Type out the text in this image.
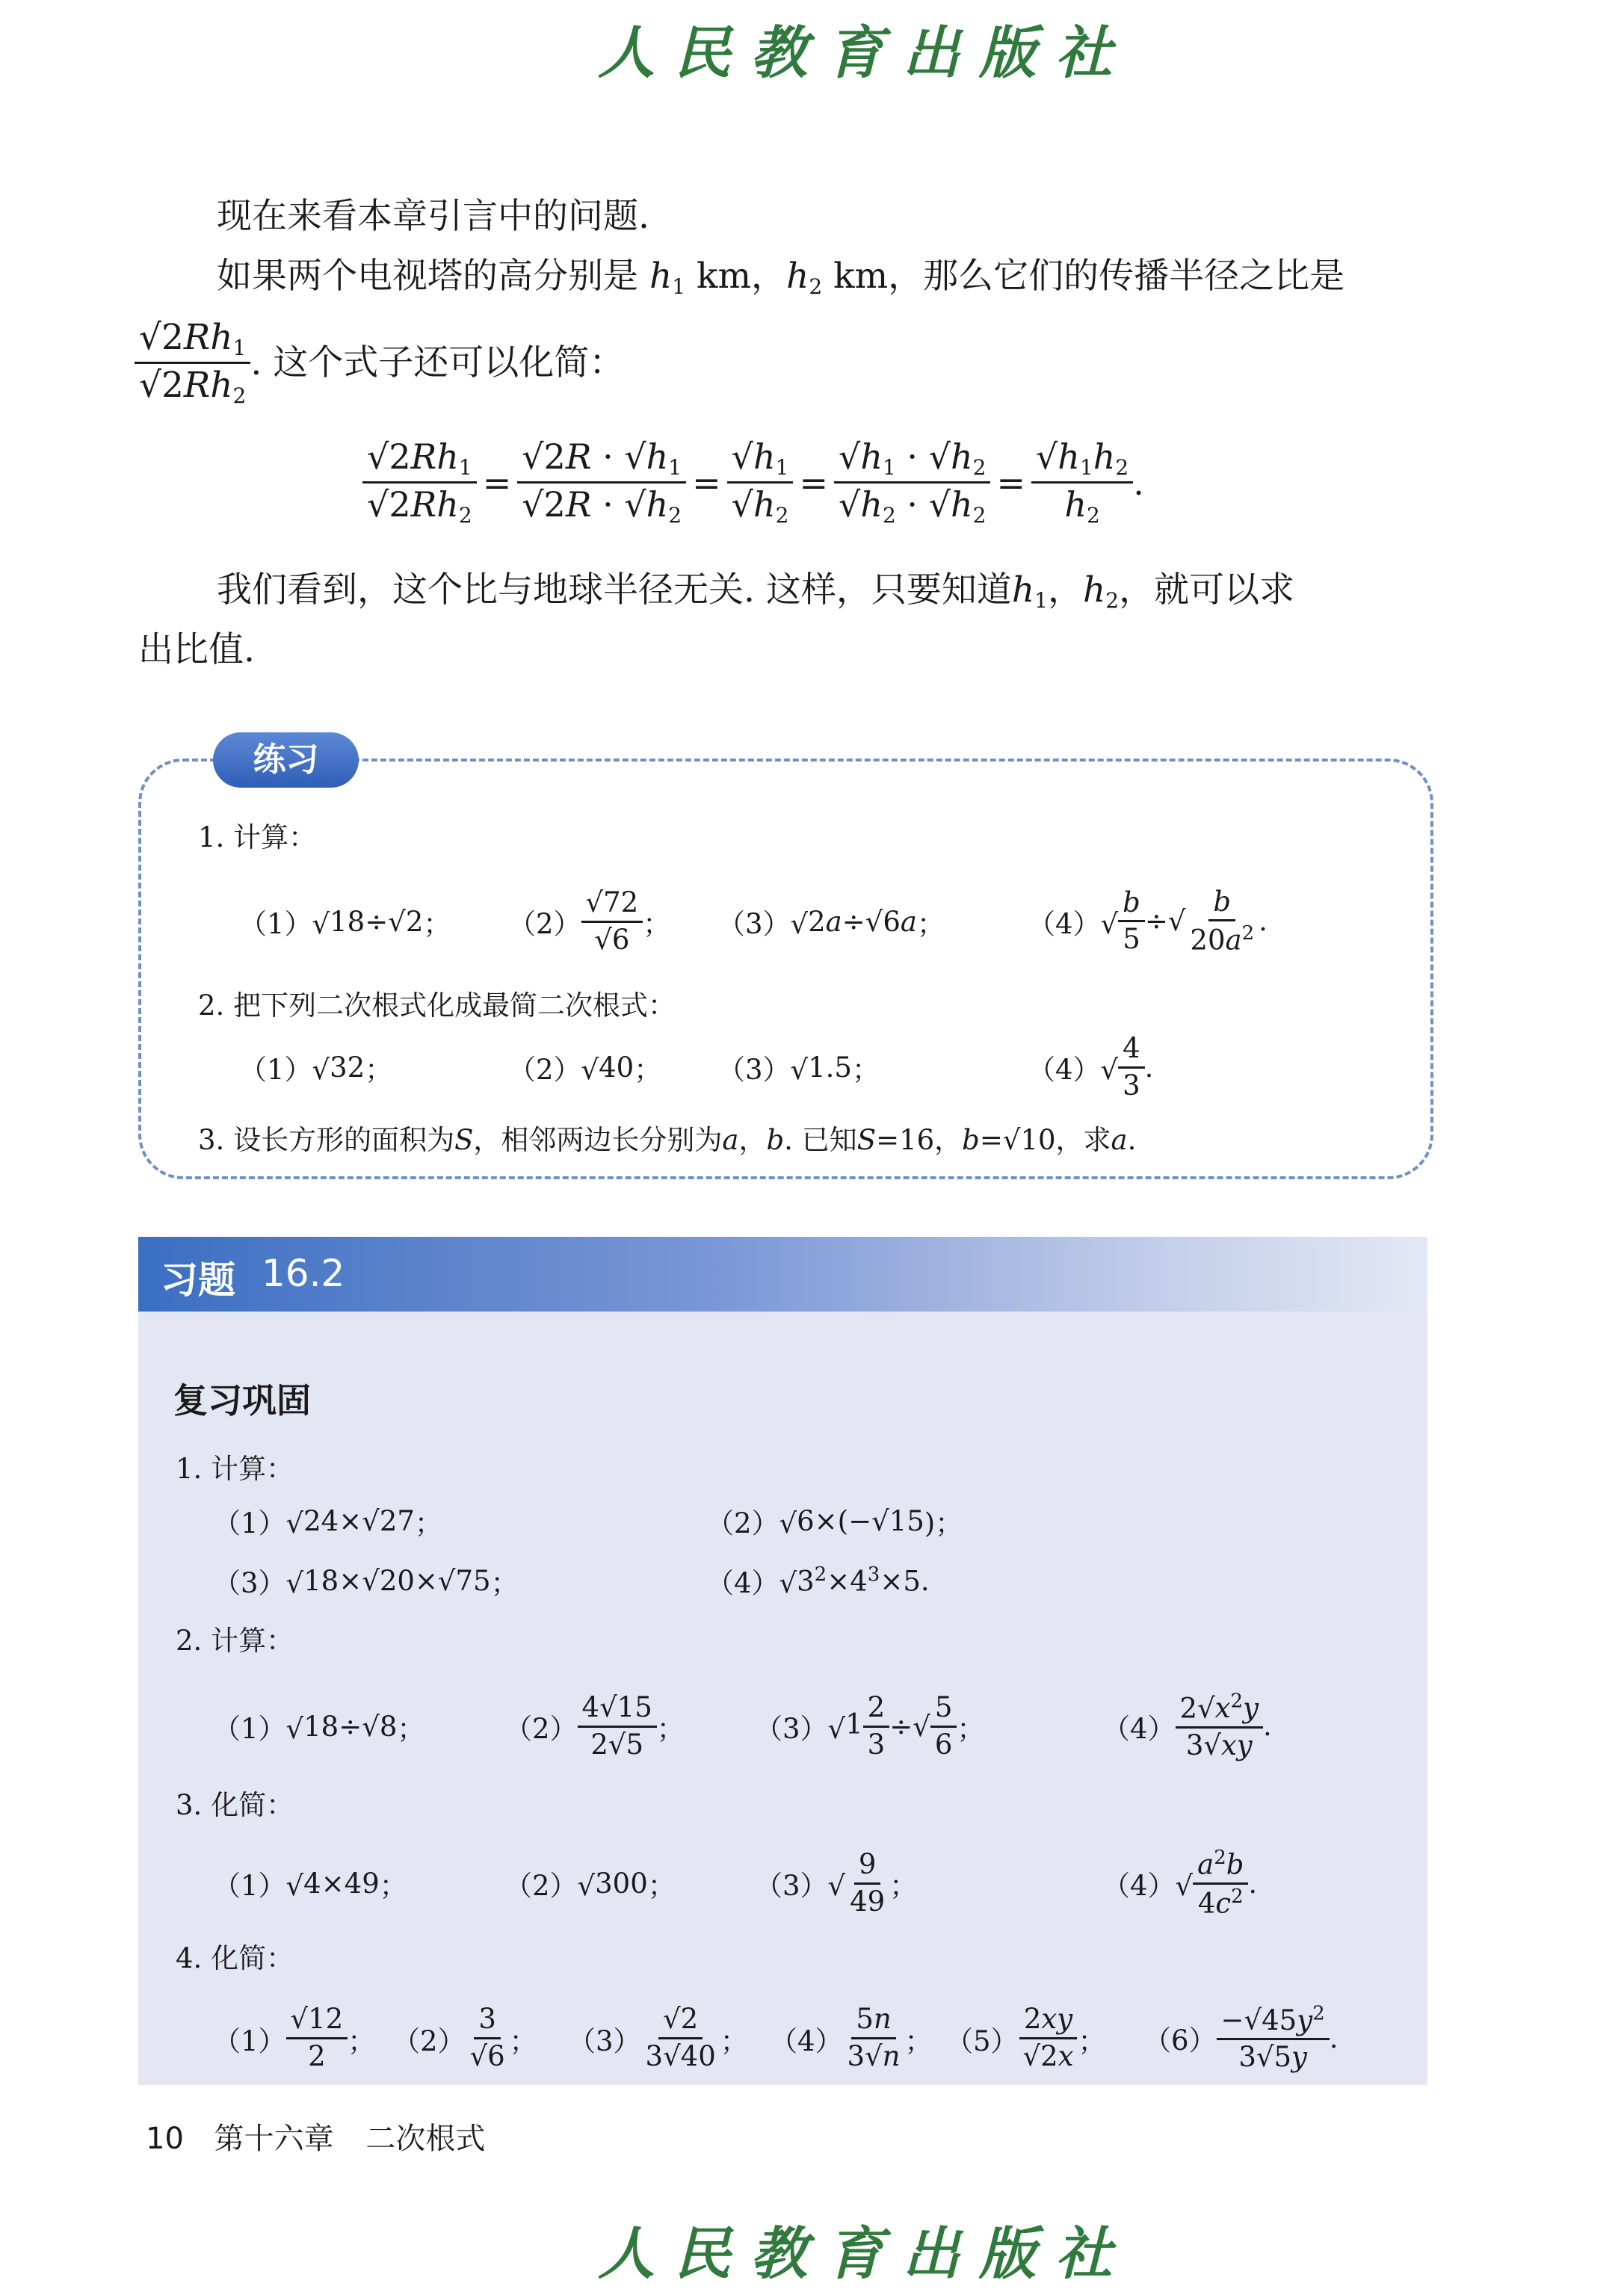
人民教育出版社
现在来看本章引言中的问题.
如果两个电视塔的高分别是 $h_1$ km，$h_2$ km，那么它们的传播半径之比是
$\frac{√2Rh_1}{√2Rh_2}$ . 这个式子还可以化简：
$\frac{√2Rh_1}{√2Rh_2} = \frac{√2R \cdot √h_1}{√2R \cdot √h_2} = \frac{√h_1}{√h_2} = \frac{√h_1 \cdot √h_2}{√h_2 \cdot √h_2} = \frac{√h_1h_2}{h_2}$ .
我们看到，这个比与地球半径无关. 这样，只要知道$h_1$，$h_2$，就可以求
出比值.
练习
1. 计算：
（1）√ 18 ÷√ 2 ；	$(2) \frac{√72}{√6}$ ；	（3）√ 2a ÷√ 6a ；	$(4)√ \frac{b}{5}$ ÷√ $\frac{b}{20a^2}$ .
2. 把下列二次根式化成最简二次根式：
（1）√ 32 ；	（2）√ 40 ；	（3）√ 1.5 ；	$(4)√ \frac{4}{3}$ .
3. 设长方形的面积为S，相邻两边长分别为a，b. 已知S=16，b=√10，求a.
习题 16.2
复习巩固
1. 计算：
（1）√ 24 ×√ 27 ；	（2）√ 6 ×(−√ 15 )；
（3）√ 18 ×√ 20 ×√ 75 ；	（4）√ $3^2\times 4^3\times 5$ .
2. 计算：
（1）√ 18 ÷√ 8 ；	$(2) \frac{4√15}{2√5}$ ；	（3）√ $1 \frac{2}{3}$ ÷√ $\frac{5}{6}$ ；	$(4) \frac{2√x^2y}{3√xy}$ .
3. 化简：
（1）√ 4×49 ；	（2）√ 300 ；	$(3)√ \frac{9}{49}$ ；	$(4)√ \frac{a^2b}{4c^2}$ .
4. 化简：
$(1) \frac{√12}{2}$ ； $(2) \frac{3}{√6}$ ；	$(3) \frac{√2}{3√40}$ ； $(4) \frac{5n}{3√n}$ ； $(5) \frac{2xy}{√2x}$ ；	$(6) \frac{-√45y^2}{3√5y}$ .
10 第十六章 二次根式
人民教育出版社
